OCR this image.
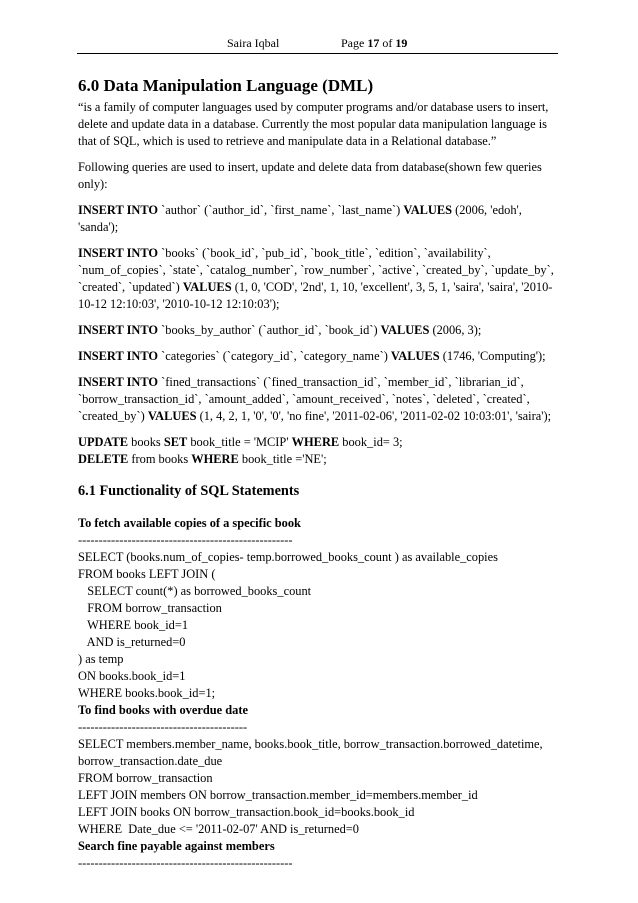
Saira Iqbal	Page 17 of 19
6.0 Data Manipulation Language (DML)

“is a family of computer languages used by computer programs and/or database users to insert, delete and update data in a database. Currently the most popular data manipulation language is that of SQL, which is used to retrieve and manipulate data in a Relational database.”

Following queries are used to insert, update and delete data from database(shown few queries only):

INSERT INTO `author` (`author_id`, `first_name`, `last_name`) VALUES (2006, 'edoh', 'sanda');

INSERT INTO `books` (`book_id`, `pub_id`, `book_title`, `edition`, `availability`, `num_of_copies`, `state`, `catalog_number`, `row_number`, `active`, `created_by`, `update_by`, `created`, `updated`) VALUES (1, 0, 'COD', '2nd', 1, 10, 'excellent', 3, 5, 1, 'saira', 'saira', '2010-10-12 12:10:03', '2010-10-12 12:10:03');

INSERT INTO `books_by_author` (`author_id`, `book_id`) VALUES (2006, 3);

INSERT INTO `categories` (`category_id`, `category_name`) VALUES (1746, 'Computing');

INSERT INTO `fined_transactions` (`fined_transaction_id`, `member_id`, `librarian_id`, `borrow_transaction_id`, `amount_added`, `amount_received`, `notes`, `deleted`, `created`, `created_by`) VALUES (1, 4, 2, 1, '0', '0', 'no fine', '2011-02-06', '2011-02-02 10:03:01', 'saira');

UPDATE books SET book_title = 'MCIP' WHERE book_id= 3;

DELETE from books WHERE book_title ='NE';

6.1 Functionality of SQL Statements
To fetch available copies of a specific book
----------------------------------------------------
SELECT (books.num_of_copies- temp.borrowed_books_count ) as available_copies
FROM books LEFT JOIN (
SELECT count(*) as borrowed_books_count
FROM borrow_transaction
WHERE book_id=1
AND is_returned=0
) as temp
ON books.book_id=1
WHERE books.book_id=1;
To find books with overdue date
-----------------------------------------
SELECT members.member_name, books.book_title, borrow_transaction.borrowed_datetime,
borrow_transaction.date_due
FROM borrow_transaction
LEFT JOIN members ON borrow_transaction.member_id=members.member_id
LEFT JOIN books ON borrow_transaction.book_id=books.book_id
WHERE  Date_due <= '2011-02-07' AND is_returned=0
Search fine payable against members
----------------------------------------------------
